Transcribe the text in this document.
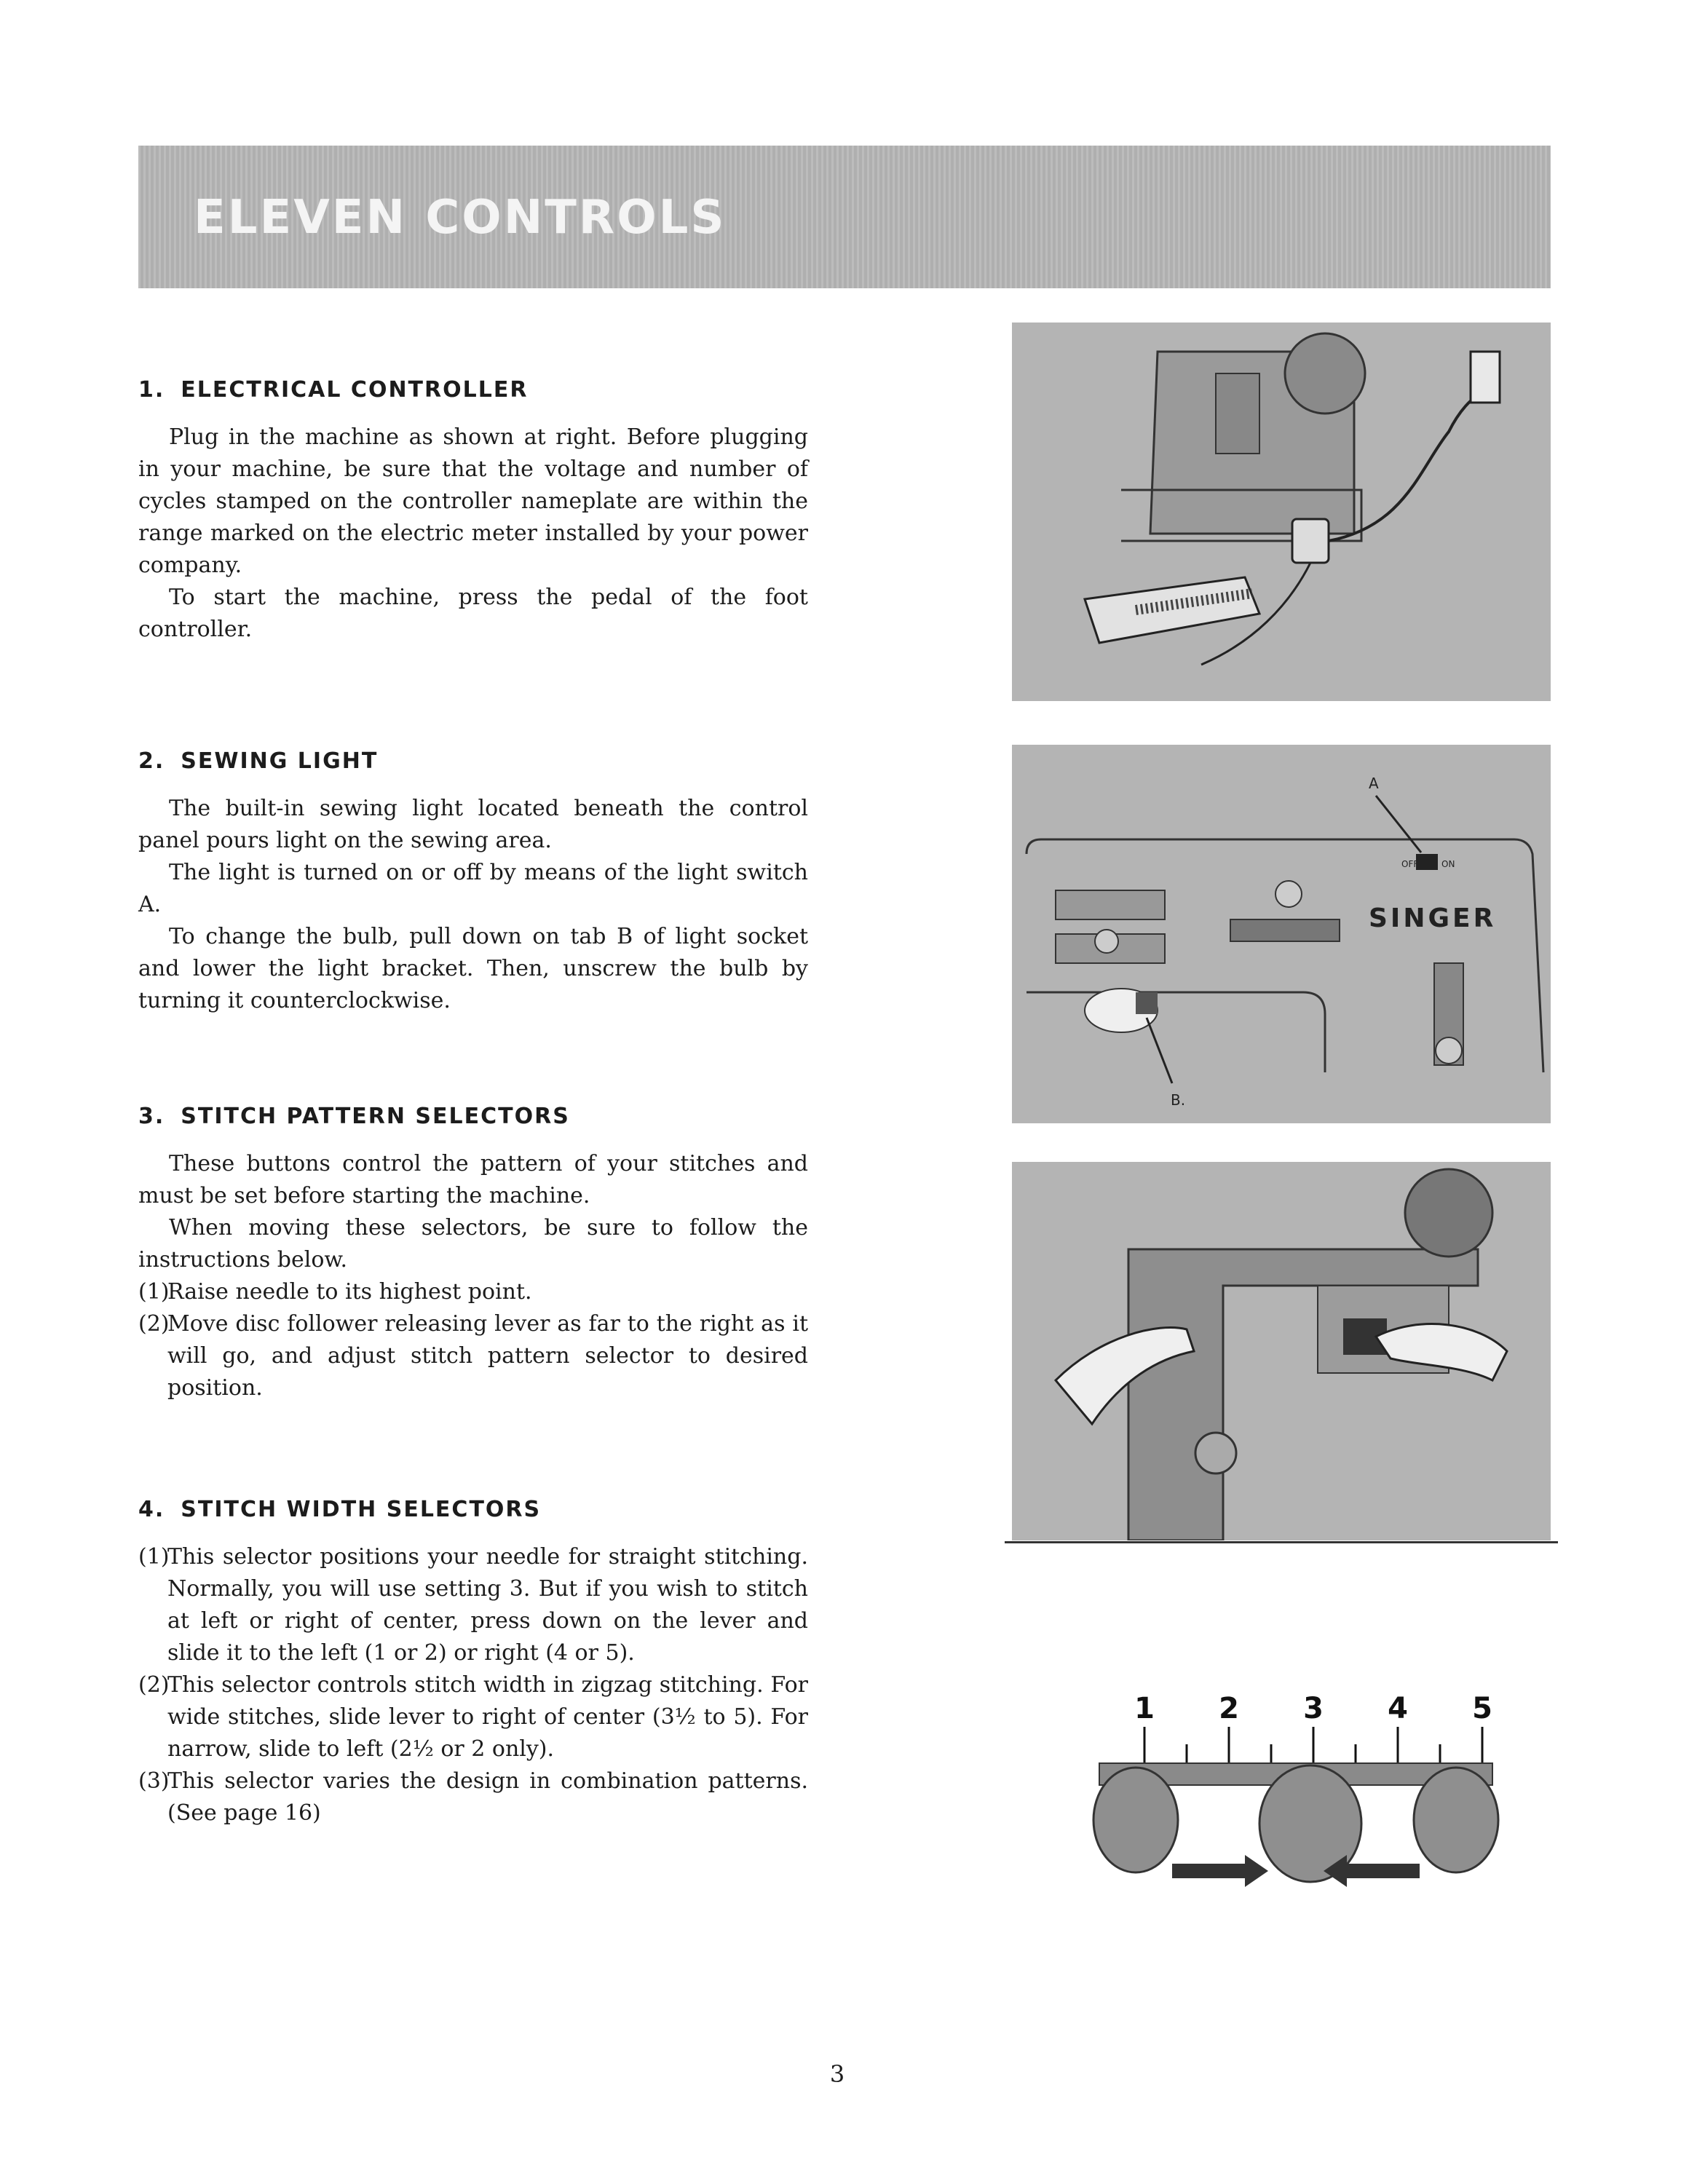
ELEVEN CONTROLS
1. ELECTRICAL CONTROLLER

Plug in the machine as shown at right. Before plugging in your machine, be sure that the voltage and number of cycles stamped on the controller nameplate are within the range marked on the electric meter installed by your power company.

To start the machine, press the pedal of the foot controller.

2. SEWING LIGHT

The built-in sewing light located beneath the control panel pours light on the sewing area.

The light is turned on or off by means of the light switch A.

To change the bulb, pull down on tab B of light socket and lower the light bracket. Then, unscrew the bulb by turning it counterclockwise.

3. STITCH PATTERN SELECTORS

These buttons control the pattern of your stitches and must be set before starting the machine.

When moving these selectors, be sure to follow the instructions below.

(1)Raise needle to its highest point.
(2)Move disc follower releasing lever as far to the right as it will go, and adjust stitch pattern selector to desired position.
4. STITCH WIDTH SELECTORS
(1)This selector positions your needle for straight stitching. Normally, you will use setting 3. But if you wish to stitch at left or right of center, press down on the lever and slide it to the left (1 or 2) or right (4 or 5).
(2)This selector controls stitch width in zigzag stitching. For wide stitches, slide lever to right of center (3½ to 5). For narrow, slide to left (2½ or 2 only).
(3)This selector varies the design in combination patterns. (See page 16)
OFF	ON
A
SINGER
B.
1 2 3 4 5
3
